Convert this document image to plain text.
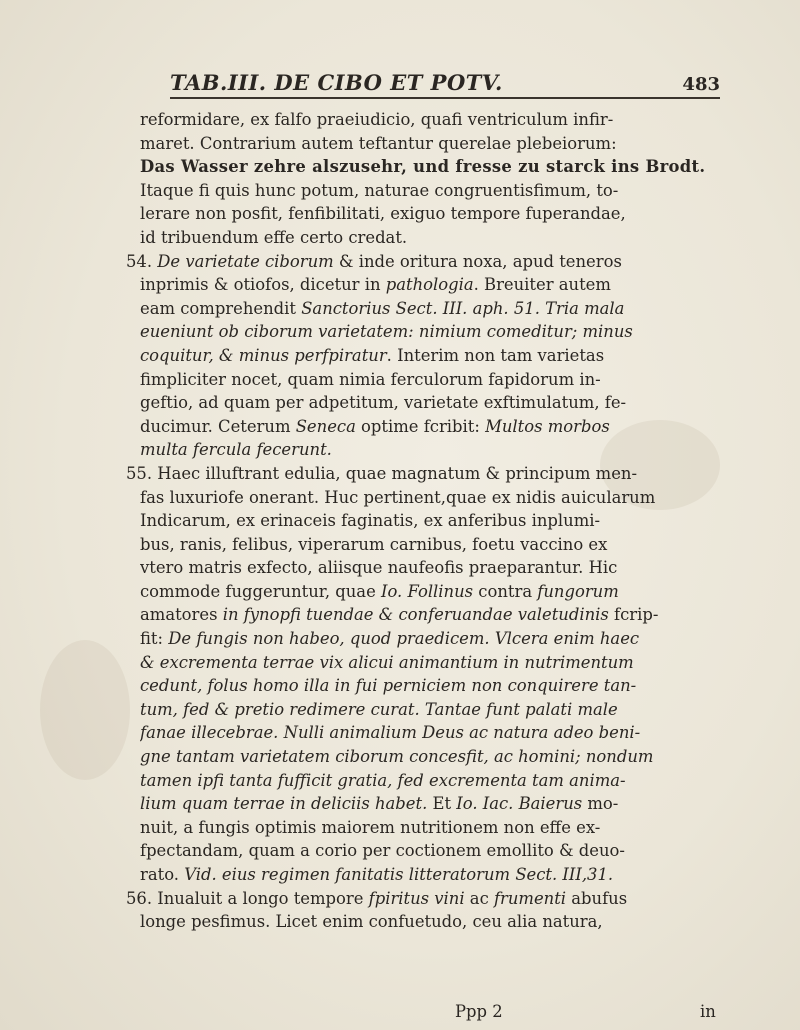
TAB.III. DE CIBO ET POTV.	483
reformidare, ex falfo praeiudicio, quafi ventriculum infir-
maret. Contrarium autem teftantur querelae plebeiorum:
Das Wasser zehre alszusehr, und fresse zu starck ins Brodt.
Itaque fi quis hunc potum, naturae congruentisfimum, to-
lerare non posfit, fenfibilitati, exiguo tempore fuperandae,
id tribuendum effe certo credat.
54. De varietate ciborum & inde oritura noxa, apud teneros
inprimis & otiofos, dicetur in pathologia. Breuiter autem
eam comprehendit Sanctorius Sect. III. aph. 51. Tria mala
eueniunt ob ciborum varietatem: nimium comeditur; minus
coquitur, & minus perfpiratur. Interim non tam varietas
fimpliciter nocet, quam nimia ferculorum fapidorum in-
geftio, ad quam per adpetitum, varietate exftimulatum, fe-
ducimur. Ceterum Seneca optime fcribit: Multos morbos
multa fercula fecerunt.
55. Haec illuftrant edulia, quae magnatum & principum men-
fas luxuriofe onerant. Huc pertinent,quae ex nidis auicularum
Indicarum, ex erinaceis faginatis, ex anferibus inplumi-
bus, ranis, felibus, viperarum carnibus, foetu vaccino ex
vtero matris exfecto, aliisque naufeofis praeparantur. Hic
commode fuggeruntur, quae Io. Follinus contra fungorum
amatores in fynopfi tuendae & conferuandae valetudinis fcrip-
fit: De fungis non habeo, quod praedicem. Vlcera enim haec
& excrementa terrae vix alicui animantium in nutrimentum
cedunt, folus homo illa in fui perniciem non conquirere tan-
tum, fed & pretio redimere curat. Tantae funt palati male
fanae illecebrae. Nulli animalium Deus ac natura adeo beni-
gne tantam varietatem ciborum concesfit, ac homini; nondum
tamen ipfi tanta fufficit gratia, fed excrementa tam anima-
lium quam terrae in deliciis habet. Et Io. Iac. Baierus mo-
nuit, a fungis optimis maiorem nutritionem non effe ex-
fpectandam, quam a corio per coctionem emollito & deuo-
rato. Vid. eius regimen fanitatis litteratorum Sect. III,31.
56. Inualuit a longo tempore fpiritus vini ac frumenti abufus
longe pesfimus. Licet enim confuetudo, ceu alia natura,
Ppp 2	in
